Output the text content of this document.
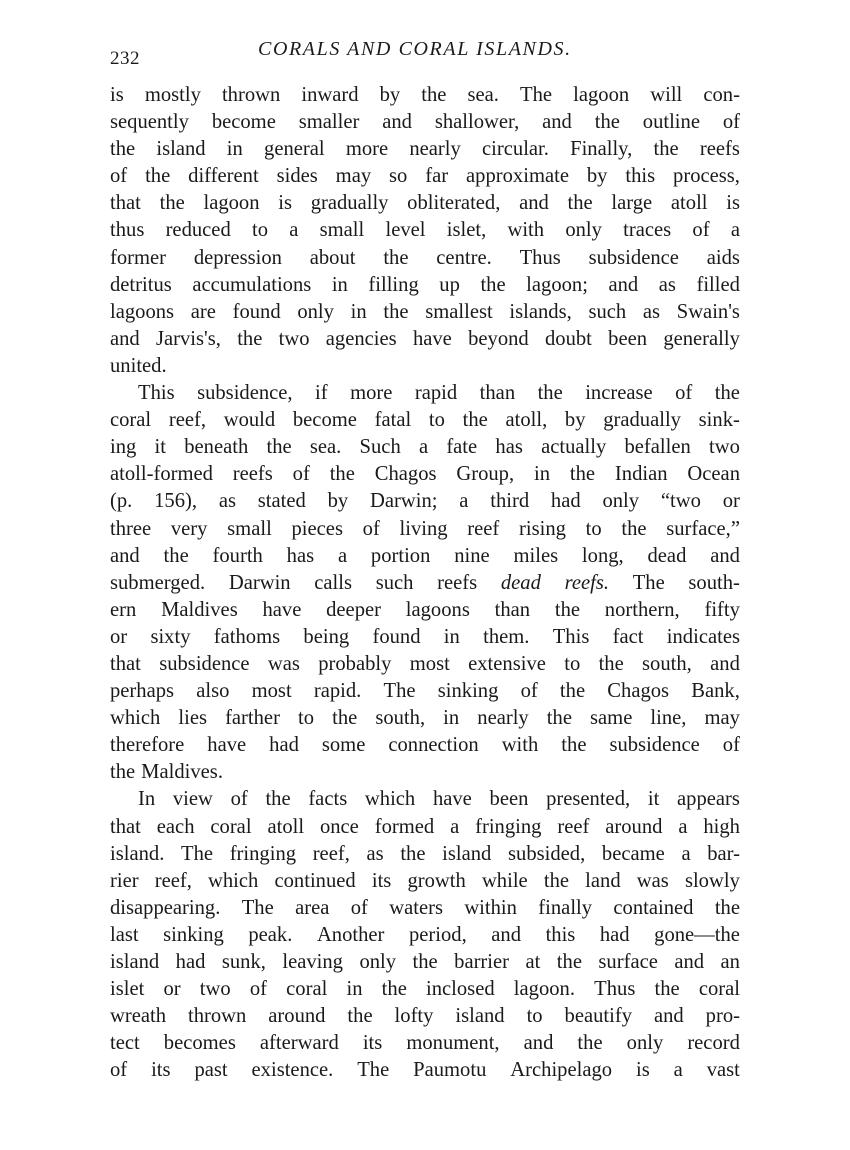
232	CORALS AND CORAL ISLANDS.
is mostly thrown inward by the sea. The lagoon will con-
sequently become smaller and shallower, and the outline of
the island in general more nearly circular. Finally, the reefs
of the different sides may so far approximate by this process,
that the lagoon is gradually obliterated, and the large atoll is
thus reduced to a small level islet, with only traces of a
former depression about the centre. Thus subsidence aids
detritus accumulations in filling up the lagoon; and as filled
lagoons are found only in the smallest islands, such as Swain's
and Jarvis's, the two agencies have beyond doubt been generally
united.
This subsidence, if more rapid than the increase of the
coral reef, would become fatal to the atoll, by gradually sink-
ing it beneath the sea. Such a fate has actually befallen two
atoll-formed reefs of the Chagos Group, in the Indian Ocean
(p. 156), as stated by Darwin; a third had only “two or
three very small pieces of living reef rising to the surface,”
and the fourth has a portion nine miles long, dead and
submerged. Darwin calls such reefs dead reefs. The south-
ern Maldives have deeper lagoons than the northern, fifty
or sixty fathoms being found in them. This fact indicates
that subsidence was probably most extensive to the south, and
perhaps also most rapid. The sinking of the Chagos Bank,
which lies farther to the south, in nearly the same line, may
therefore have had some connection with the subsidence of
the Maldives.
In view of the facts which have been presented, it appears
that each coral atoll once formed a fringing reef around a high
island. The fringing reef, as the island subsided, became a bar-
rier reef, which continued its growth while the land was slowly
disappearing. The area of waters within finally contained the
last sinking peak. Another period, and this had gone—the
island had sunk, leaving only the barrier at the surface and an
islet or two of coral in the inclosed lagoon. Thus the coral
wreath thrown around the lofty island to beautify and pro-
tect becomes afterward its monument, and the only record
of its past existence. The Paumotu Archipelago is a vast
